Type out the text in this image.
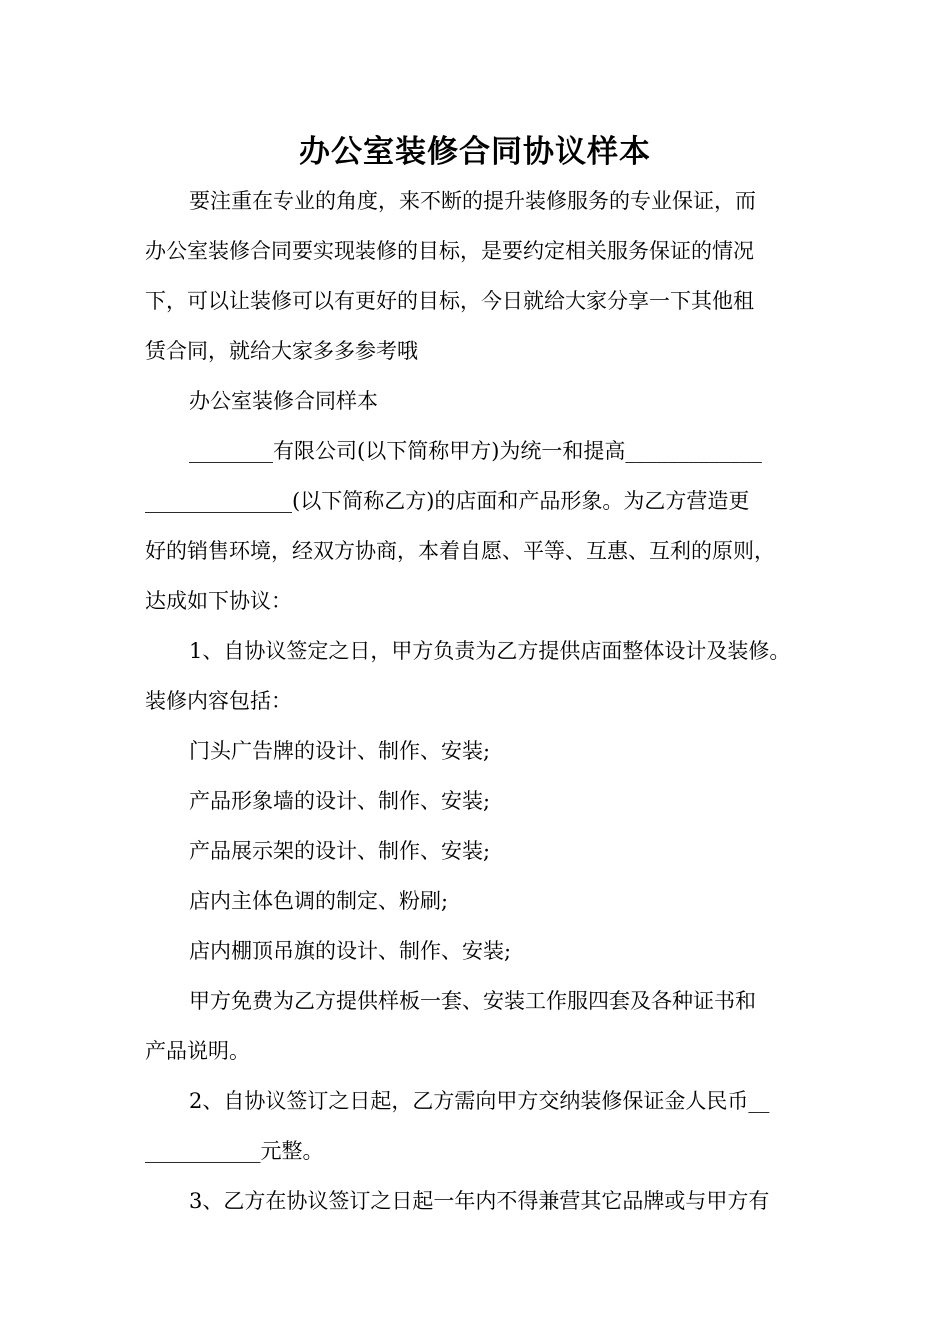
办公室装修合同协议样本

要注重在专业的角度，来不断的提升装修服务的专业保证，而

办公室装修合同要实现装修的目标，是要约定相关服务保证的情况

下，可以让装修可以有更好的目标，今日就给大家分享一下其他租

赁合同，就给大家多多参考哦

办公室装修合同样本

________有限公司(以下简称甲方)为统一和提高_____________

______________(以下简称乙方)的店面和产品形象。为乙方营造更

好的销售环境，经双方协商，本着自愿、平等、互惠、互利的原则，

达成如下协议：

1、自协议签定之日，甲方负责为乙方提供店面整体设计及装修。

装修内容包括：

门头广告牌的设计、制作、安装;

产品形象墙的设计、制作、安装;

产品展示架的设计、制作、安装;

店内主体色调的制定、粉刷;

店内棚顶吊旗的设计、制作、安装;

甲方免费为乙方提供样板一套、安装工作服四套及各种证书和

产品说明。

2、自协议签订之日起，乙方需向甲方交纳装修保证金人民币__

___________元整。

3、乙方在协议签订之日起一年内不得兼营其它品牌或与甲方有
